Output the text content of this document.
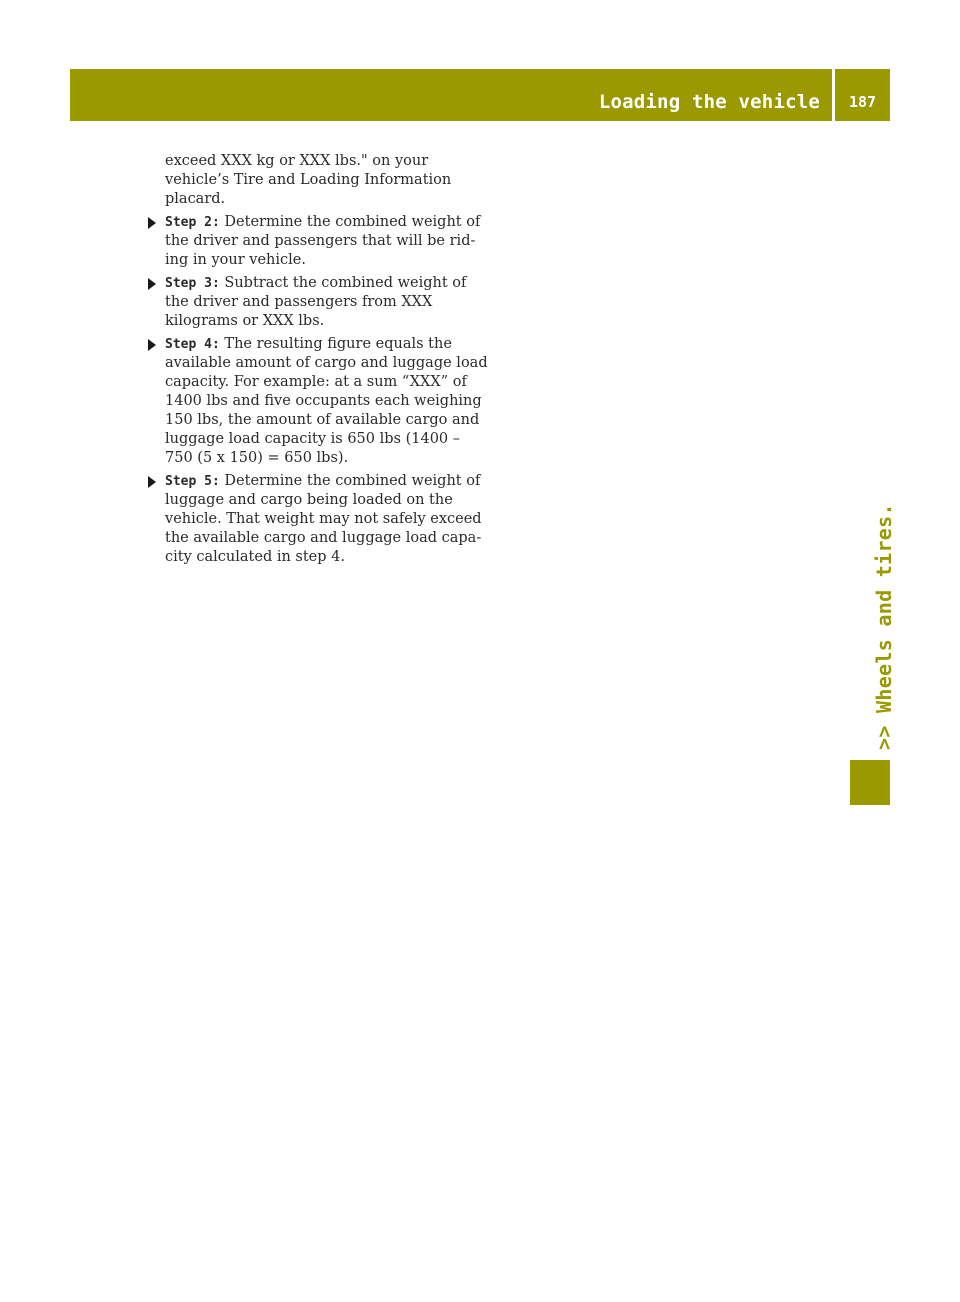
Loading the vehicle	187
>> Wheels and tires.

exceed XXX kg or XXX lbs." on your vehicle’s Tire and Loading Information placard.

Step 2: Determine the combined weight of the driver and passengers that will be riding in your vehicle.
Step 3: Subtract the combined weight of the driver and passengers from XXX kilograms or XXX lbs.
Step 4: The resulting figure equals the available amount of cargo and luggage load capacity. For example: at a sum “XXX” of 1400 lbs and five occupants each weighing 150 lbs, the amount of available cargo and luggage load capacity is 650 lbs (1400 – 750 (5 x 150) = 650 lbs).
Step 5: Determine the combined weight of luggage and cargo being loaded on the vehicle. That weight may not safely exceed the available cargo and luggage load capacity calculated in step 4.
